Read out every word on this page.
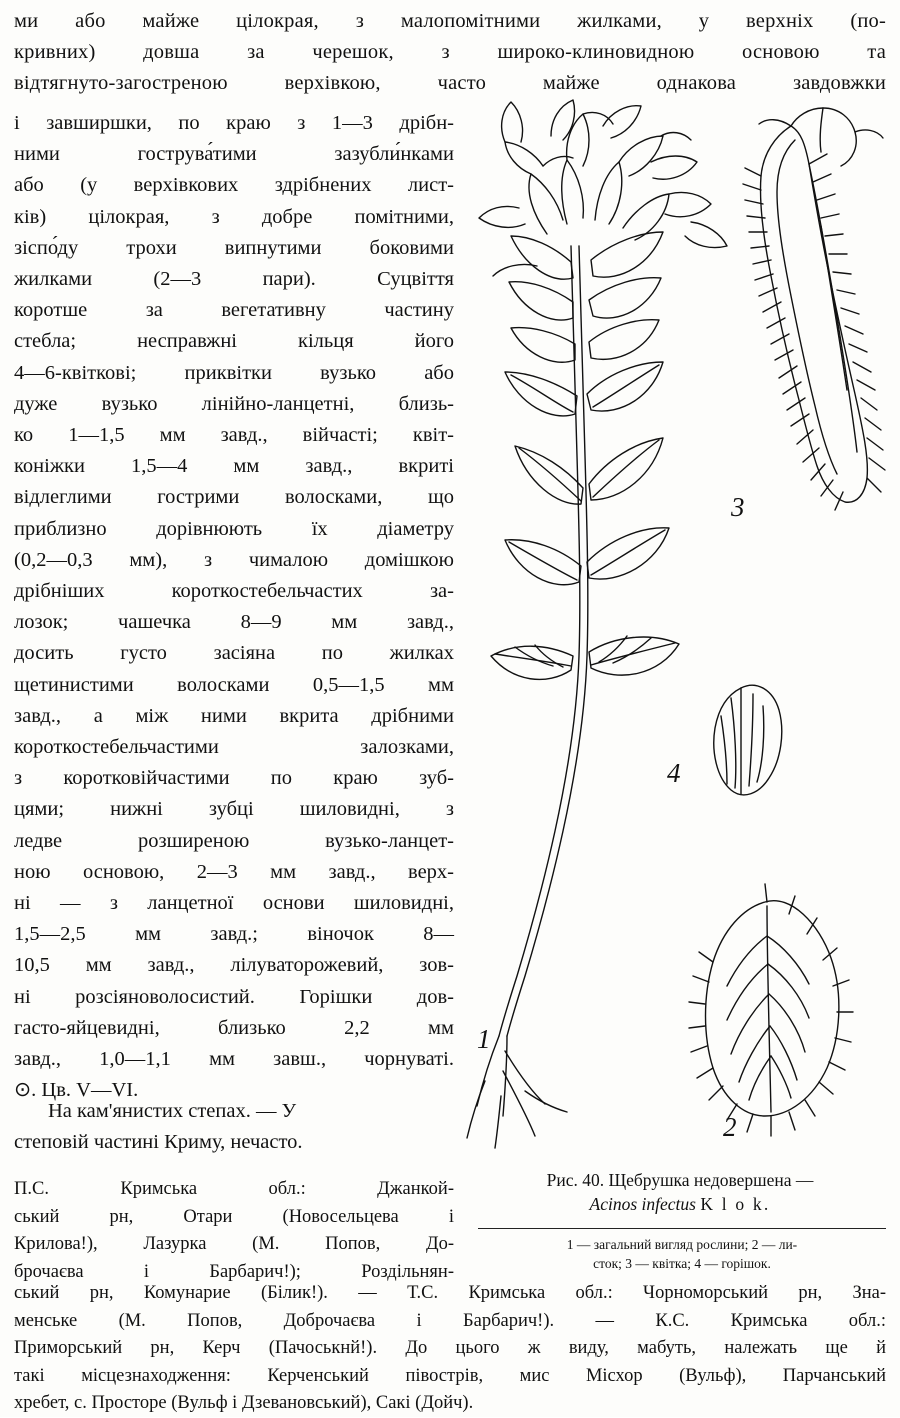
ми або майже цілокрая, з малопомітними жилками, у верхніх (по-
кривних) довша за черешок, з широко-клиновидною основою та
відтягнуто-загостреною верхівкою, часто майже однакова завдовжки
і завширшки, по краю з 1—3 дрібн-
ними гострува́тими зазубли́нками
або (у верхівкових здрібнених лист-
ків) цілокрая, з добре помітними,
зіспо́ду трохи випнутими боковими
жилками (2—3 пари). Суцвіття
коротше за вегетативну частину
стебла; несправжні кільця його
4—6-квіткові; приквітки вузько або
дуже вузько лінійно-ланцетні, близь-
ко 1—1,5 мм завд., війчасті; квіт-
коніжки 1,5—4 мм завд., вкриті
відлеглими гострими волосками, що
приблизно дорівнюють їх діаметру
(0,2—0,3 мм), з чималою домішкою
дрібніших короткостебельчастих за-
лозок; чашечка 8—9 мм завд.,
досить густо засіяна по жилках
щетинистими волосками 0,5—1,5 мм
завд., а між ними вкрита дрібними
короткостебельчастими залозками,
з коротковійчастими по краю зуб-
цями; нижні зубці шиловидні, з
ледве розширеною вузько-ланцет-
ною основою, 2—3 мм завд., верх-
ні — з ланцетної основи шиловидні,
1,5—2,5 мм завд.; віночок 8—
10,5 мм завд., лілуваторожевий, зов-
ні розсіяноволосистий. Горішки дов-
гасто-яйцевидні, близько 2,2 мм
завд., 1,0—1,1 мм завш., чорнуваті.
⊙. Цв. V—VI.
На кам'янистих степах. — У
степовій частині Криму, нечасто.
1
3
4
2
Рис. 40. Щебрушка недовершена —
Acinos infectus K l o k.
1 — загальний вигляд рослини; 2 — ли-
сток; 3 — квітка; 4 — горішок.
П.С. Кримська обл.: Джанкой-
ський рн, Отари (Новосельцева і
Крилова!), Лазурка (М. Попов, До-
брочаєва і Барбарич!); Роздільнян-
ський рн, Комунарие (Білик!). — Т.С. Кримська обл.: Чорноморський рн, Зна-
менське (М. Попов, Доброчаєва і Барбарич!). — К.С. Кримська обл.:
Приморський рн, Керч (Пачоськнй!). До цього ж виду, мабуть, належать ще й
такі місцезнаходження: Керченський півострів, мис Місхор (Вульф), Парчанський
хребет, с. Просторе (Вульф і Дзевановський), Сакі (Дойч).
